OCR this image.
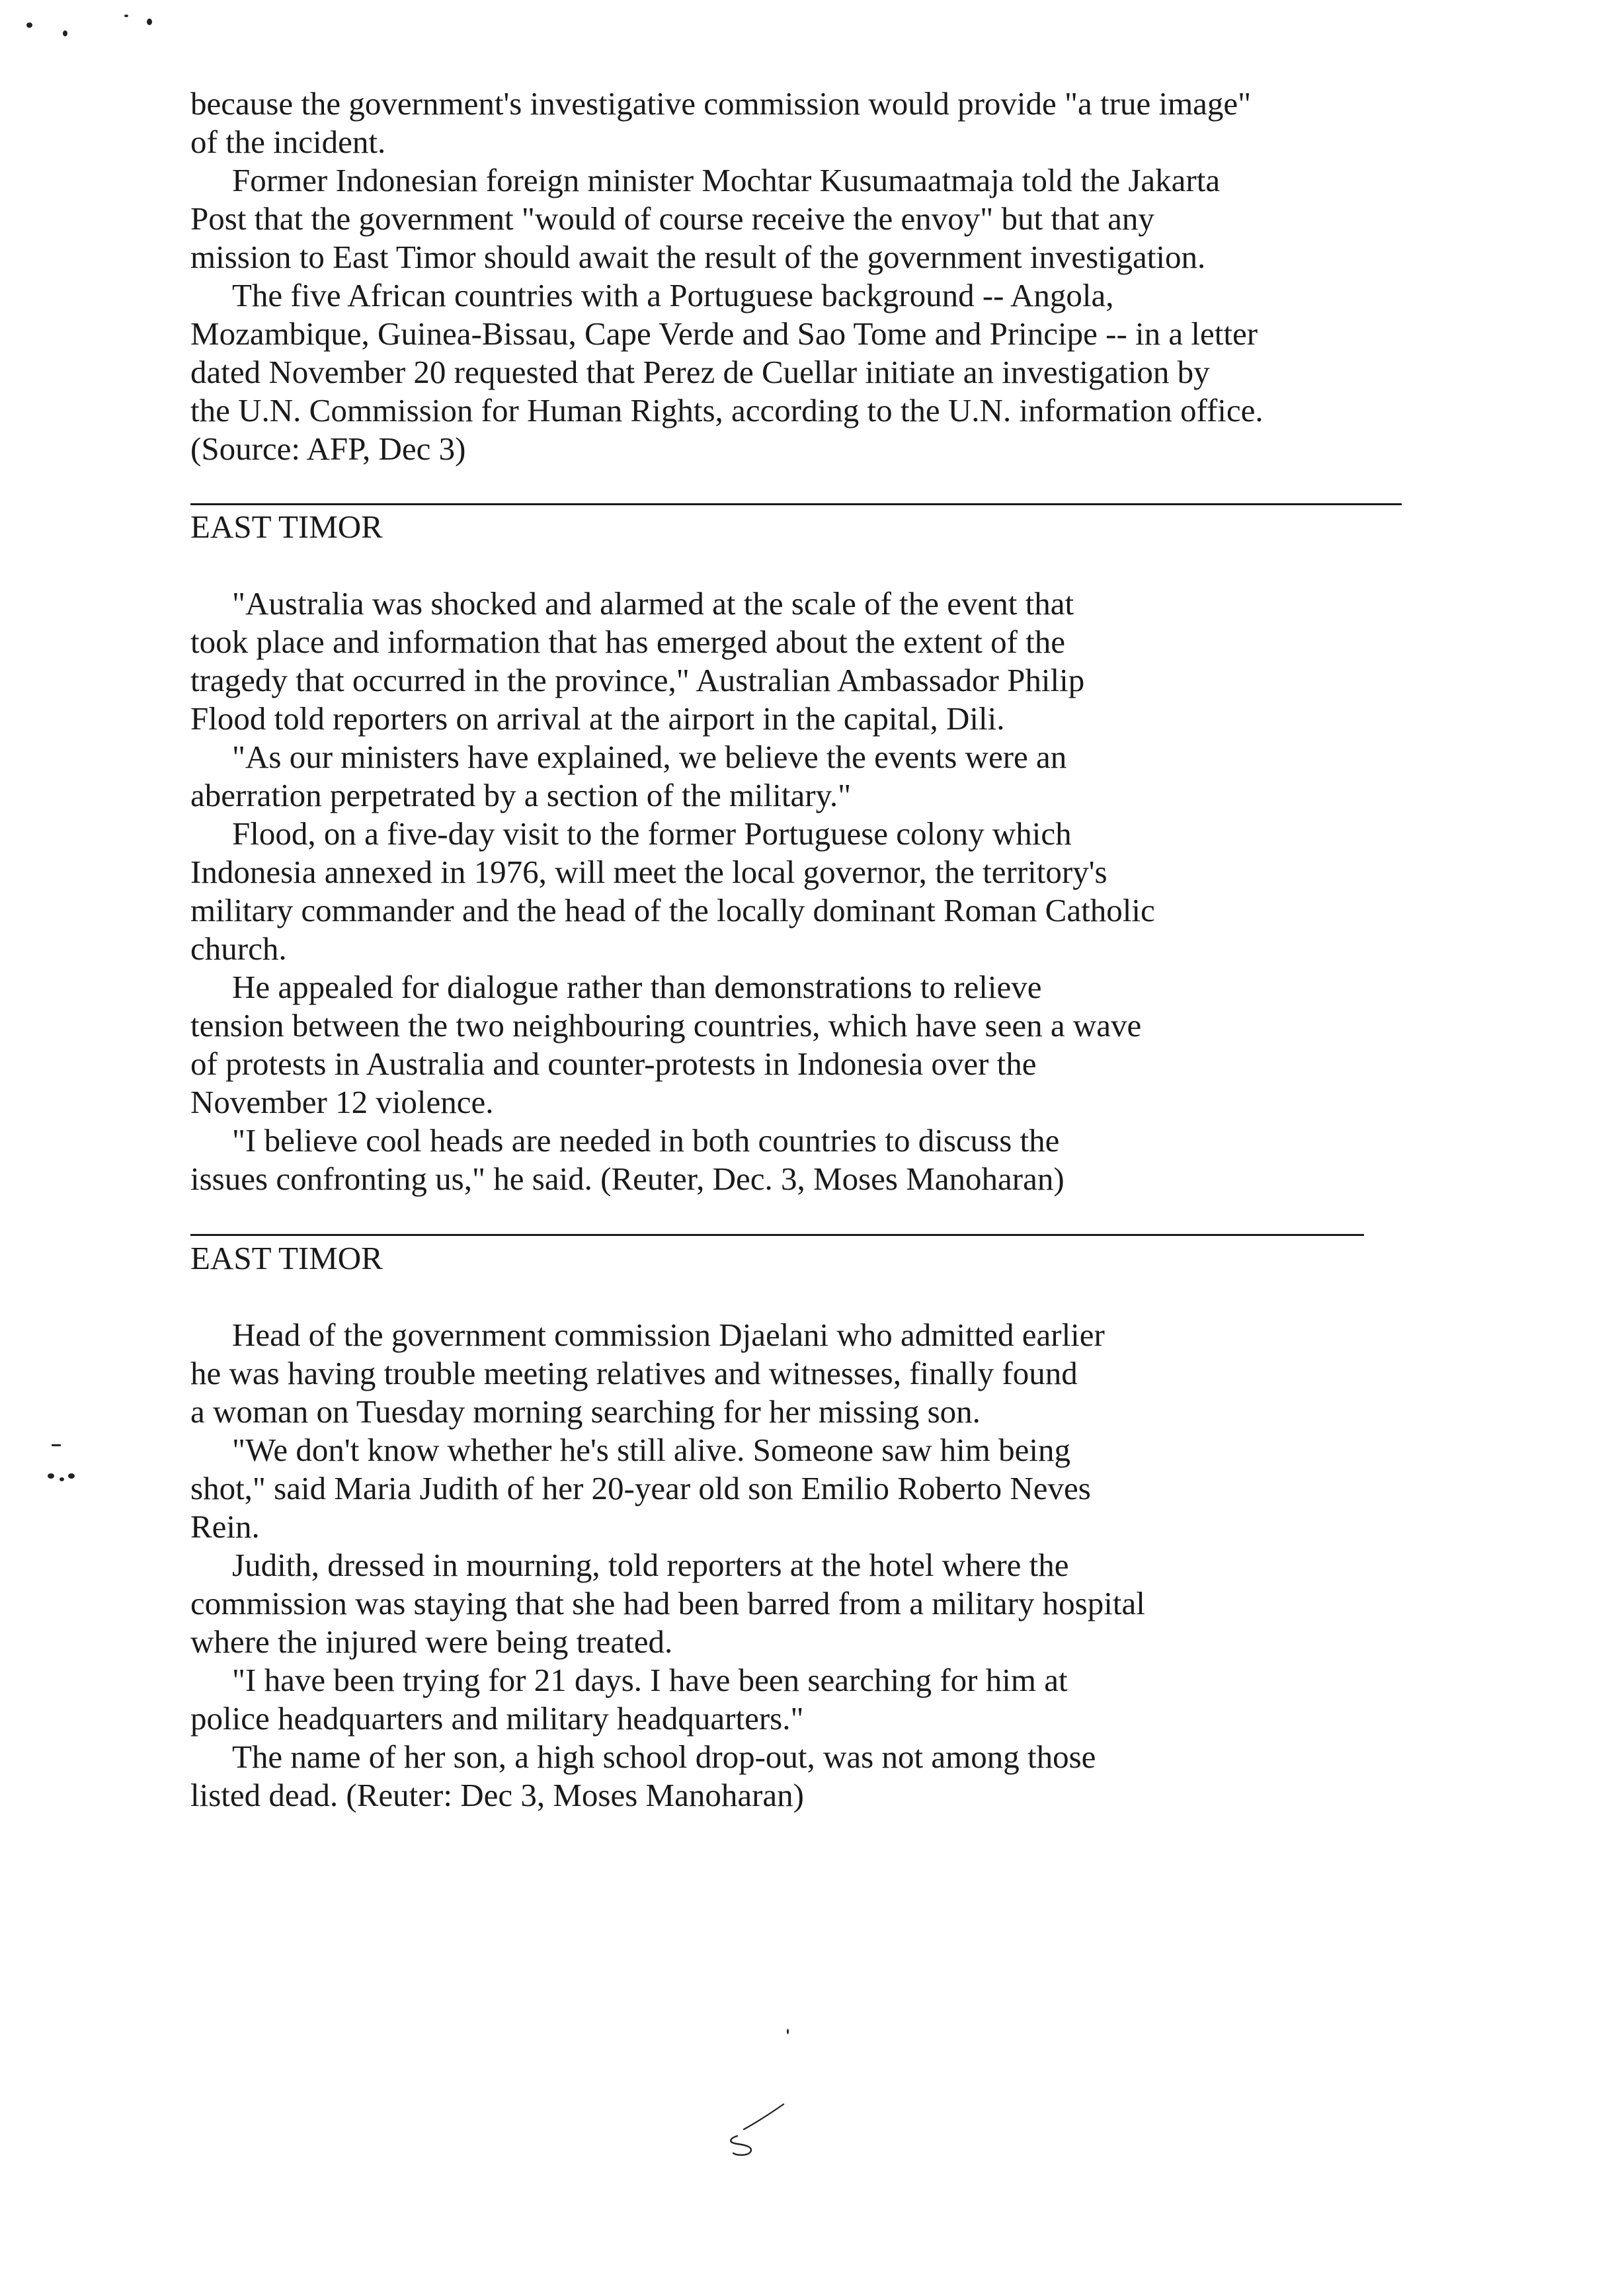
because the government's investigative commission would provide "a true image"
of the incident.
Former Indonesian foreign minister Mochtar Kusumaatmaja told the Jakarta
Post that the government "would of course receive the envoy" but that any
mission to East Timor should await the result of the government investigation.
The five African countries with a Portuguese background -- Angola,
Mozambique, Guinea-Bissau, Cape Verde and Sao Tome and Principe -- in a letter
dated November 20 requested that Perez de Cuellar initiate an investigation by
the U.N. Commission for Human Rights, according to the U.N. information office.
(Source: AFP, Dec 3)
EAST TIMOR
"Australia was shocked and alarmed at the scale of the event that
took place and information that has emerged about the extent of the
tragedy that occurred in the province," Australian Ambassador Philip
Flood told reporters on arrival at the airport in the capital, Dili.
"As our ministers have explained, we believe the events were an
aberration perpetrated by a section of the military."
Flood, on a five-day visit to the former Portuguese colony which
Indonesia annexed in 1976, will meet the local governor, the territory's
military commander and the head of the locally dominant Roman Catholic
church.
He appealed for dialogue rather than demonstrations to relieve
tension between the two neighbouring countries, which have seen a wave
of protests in Australia and counter-protests in Indonesia over the
November 12 violence.
"I believe cool heads are needed in both countries to discuss the
issues confronting us," he said. (Reuter, Dec. 3, Moses Manoharan)
EAST TIMOR
Head of the government commission Djaelani who admitted earlier
he was having trouble meeting relatives and witnesses, finally found
a woman on Tuesday morning searching for her missing son.
"We don't know whether he's still alive. Someone saw him being
shot," said Maria Judith of her 20-year old son Emilio Roberto Neves
Rein.
Judith, dressed in mourning, told reporters at the hotel where the
commission was staying that she had been barred from a military hospital
where the injured were being treated.
"I have been trying for 21 days. I have been searching for him at
police headquarters and military headquarters."
The name of her son, a high school drop-out, was not among those
listed dead. (Reuter: Dec 3, Moses Manoharan)
5
